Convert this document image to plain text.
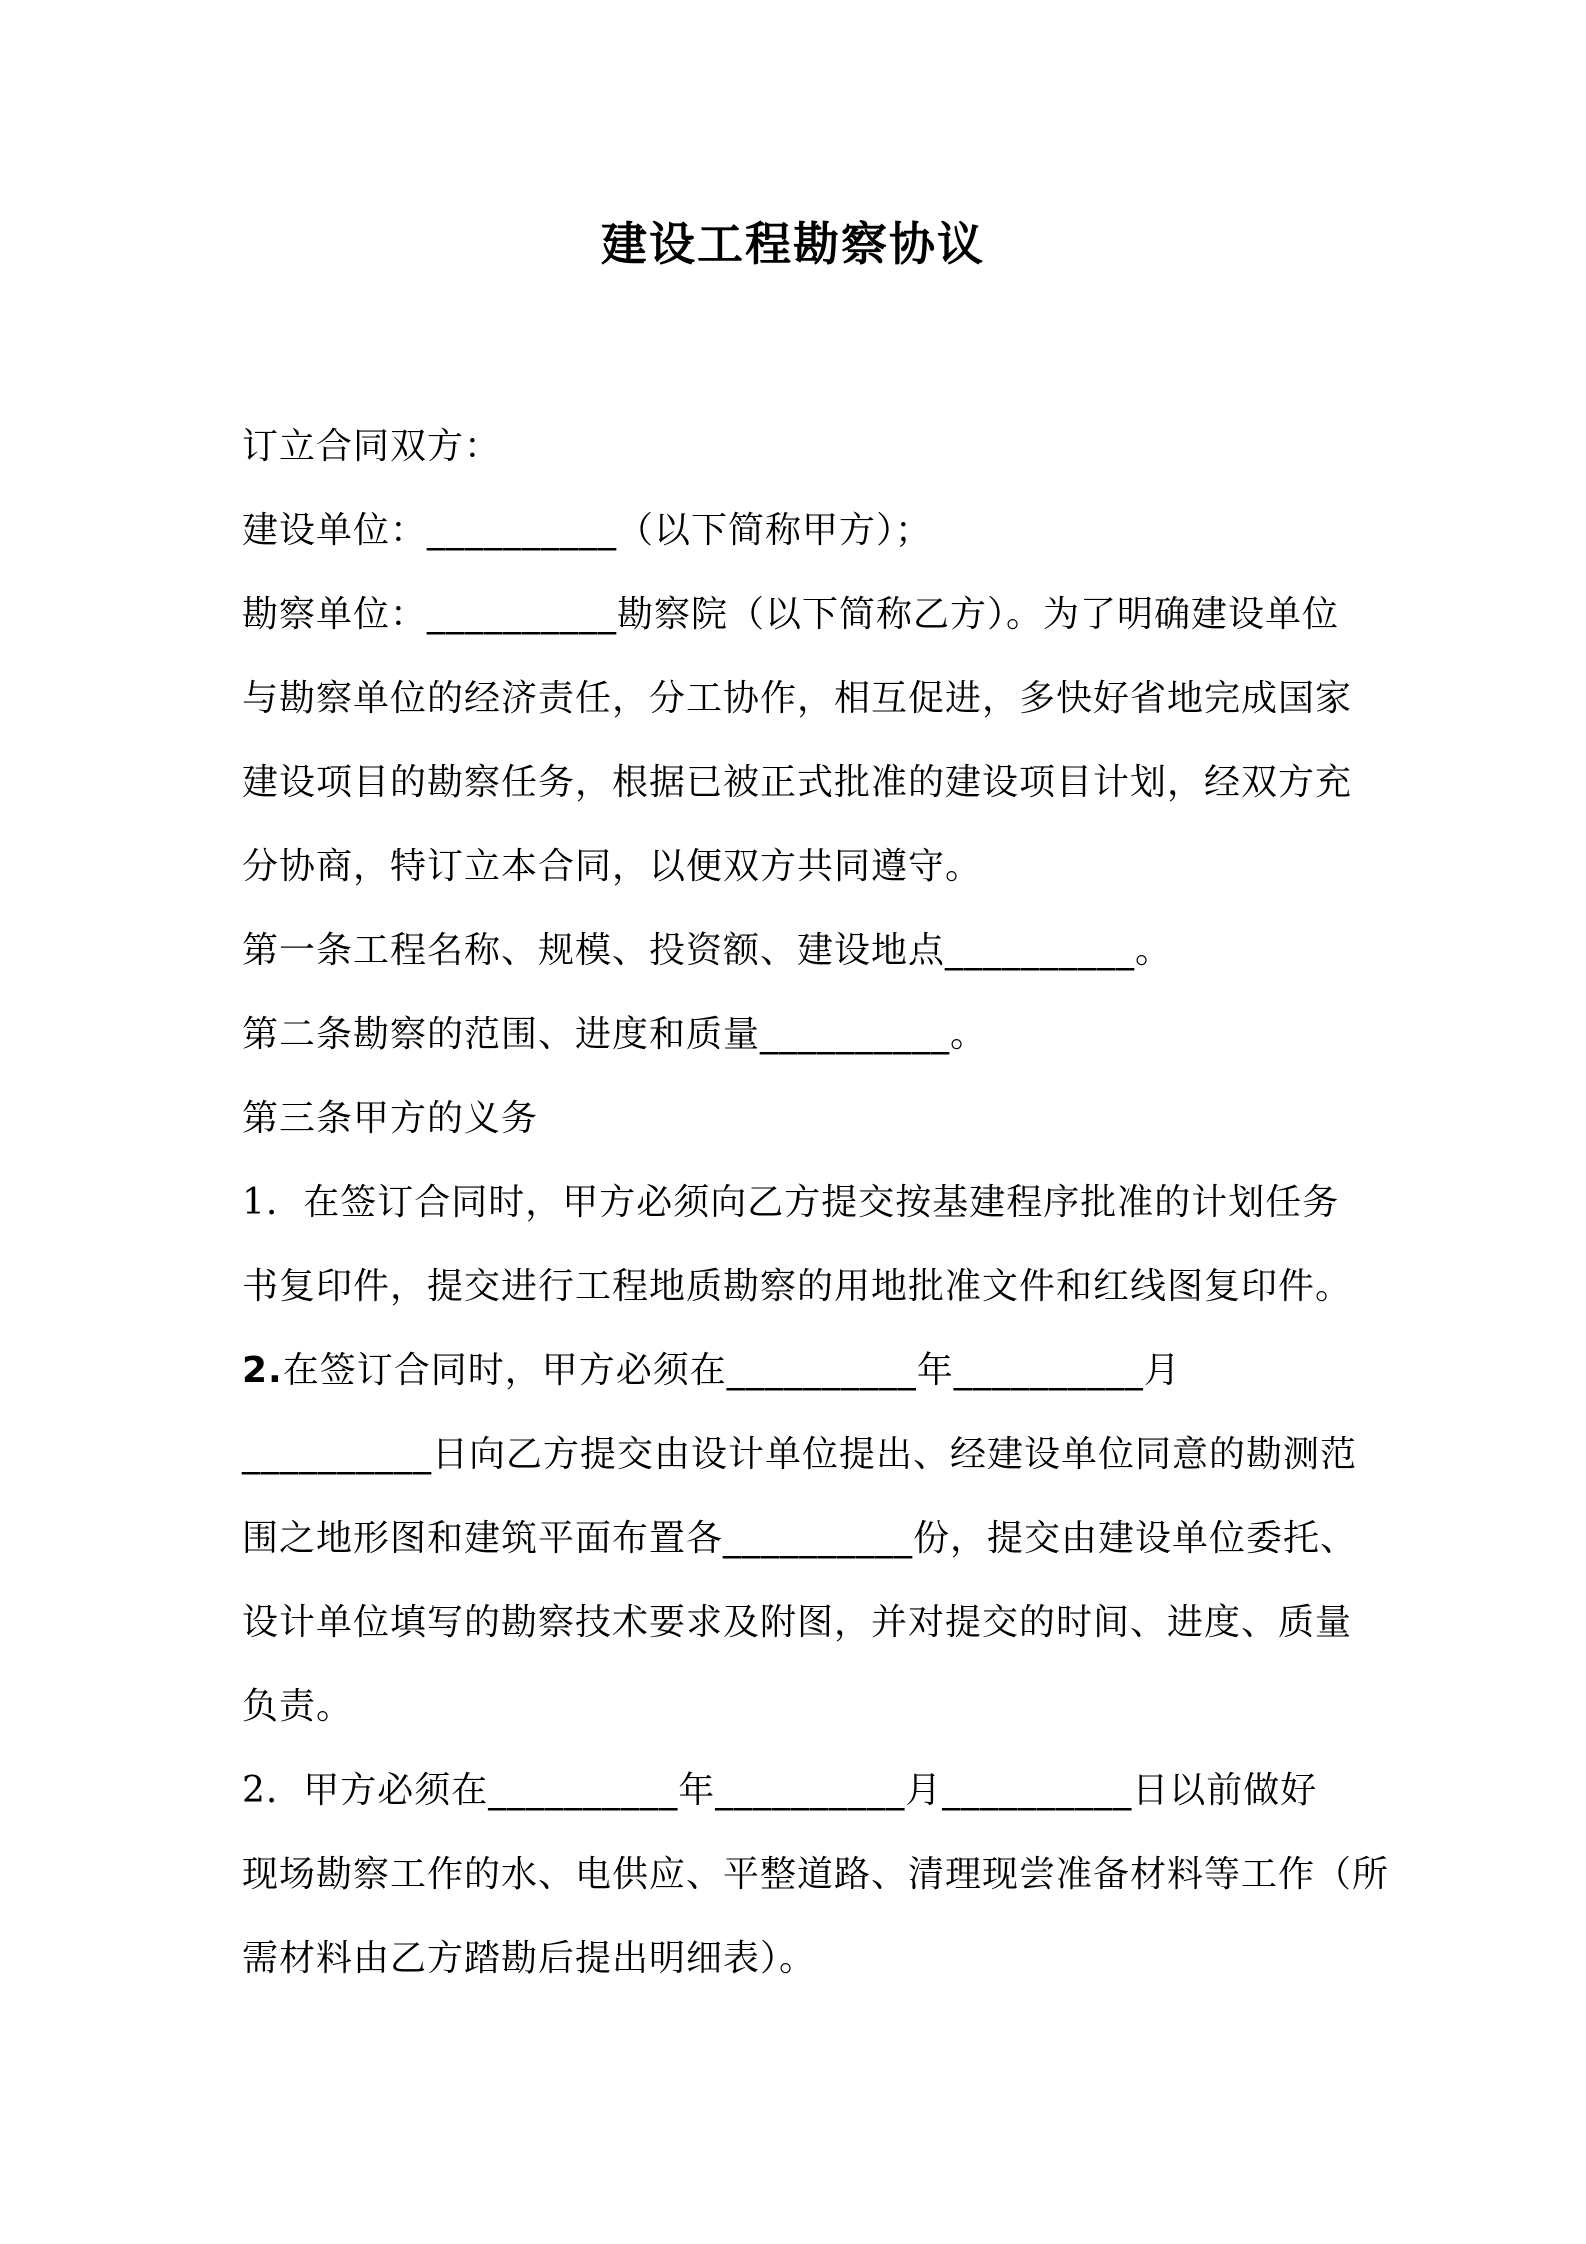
建设工程勘察协议

订立合同双方：

建设单位：__________（以下简称甲方）；

勘察单位：__________勘察院（以下简称乙方）。为了明确建设单位

与勘察单位的经济责任，分工协作，相互促进，多快好省地完成国家

建设项目的勘察任务，根据已被正式批准的建设项目计划，经双方充

分协商，特订立本合同，以便双方共同遵守。

第一条工程名称、规模、投资额、建设地点__________。

第二条勘察的范围、进度和质量__________。

第三条甲方的义务

1. 在签订合同时，甲方必须向乙方提交按基建程序批准的计划任务

书复印件，提交进行工程地质勘察的用地批准文件和红线图复印件。

2.在签订合同时，甲方必须在__________年__________月

__________日向乙方提交由设计单位提出、经建设单位同意的勘测范

围之地形图和建筑平面布置各__________份，提交由建设单位委托、

设计单位填写的勘察技术要求及附图，并对提交的时间、进度、质量

负责。

2. 甲方必须在__________年__________月__________日以前做好

现场勘察工作的水、电供应、平整道路、清理现尝准备材料等工作（所

需材料由乙方踏勘后提出明细表）。
